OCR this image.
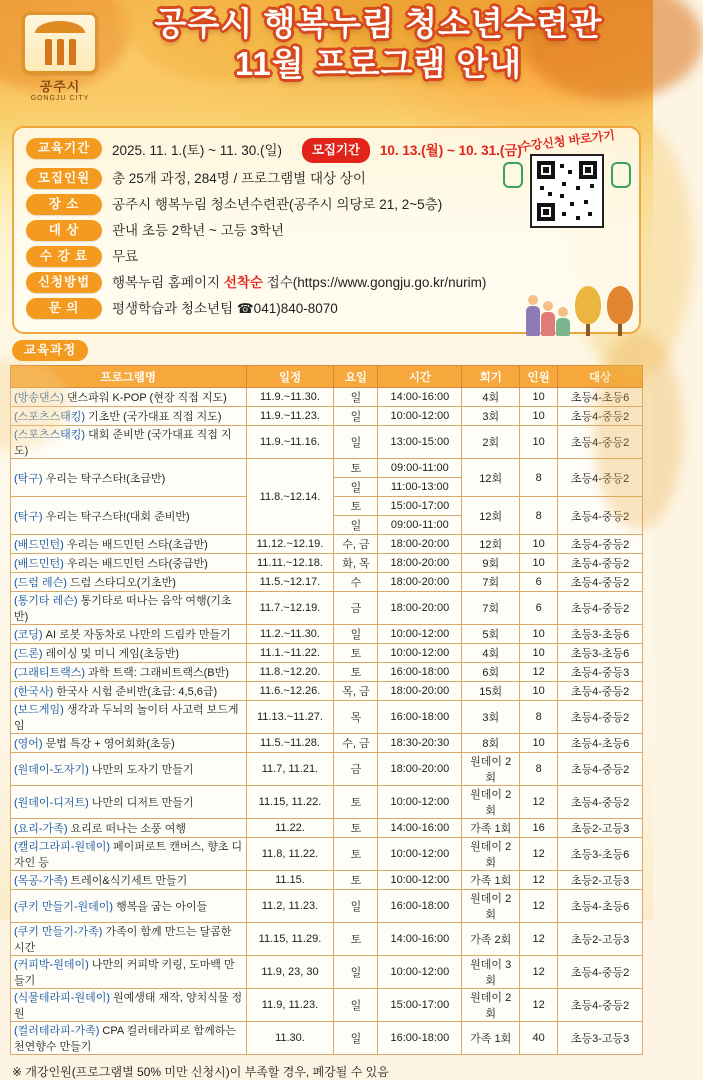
공주시
GONGJU CITY
공주시 행복누림 청소년수련관
11월 프로그램 안내
교육기간	2025. 11. 1.(토) ~ 11. 30.(일) 모집기간 10. 13.(월) ~ 10. 31.(금)
모집인원	총 25개 과정, 284명 / 프로그램별 대상 상이
장 소	공주시 행복누림 청소년수련관(공주시 의당로 21, 2~5층)
대 상	관내 초등 2학년 ~ 고등 3학년
수 강 료	무료
신청방법	행복누림 홈페이지 선착순 접수(https://www.gongju.go.kr/nurim)
문 의	평생학습과 청소년팀 ☎041)840-8070
수강신청 바로가기
교육과정
프로그램명	일정	요일	시간	회기	인원	대상
(방송댄스) 댄스파워 K-POP (현장 직접 지도)	11.9.~11.30.	일	14:00-16:00	4회	10	초등4-초등6
(스포츠스태킹) 기초반 (국가대표 직접 지도)	11.9.~11.23.	일	10:00-12:00	3회	10	초등4-중등2
(스포츠스태킹) 대회 준비반 (국가대표 직접 지도)	11.9.~11.16.	일	13:00-15:00	2회	10	초등4-중등2
(탁구) 우리는 탁구스타!(초급반)	11.8.~12.14.	토	09:00-11:00	12회	8	초등4-중등2
		일	11:00-13:00			
(탁구) 우리는 탁구스타!(대회 준비반)		토	15:00-17:00	12회	8	초등4-중등2
		일	09:00-11:00			
(배드민턴) 우리는 배드민턴 스타(초급반)	11.12.~12.19.	수, 금	18:00-20:00	12회	10	초등4-중등2
(배드민턴) 우리는 배드민턴 스타(중급반)	11.11.~12.18.	화, 목	18:00-20:00	9회	10	초등4-중등2
(드럼 레슨) 드럼 스타디오(기초반)	11.5.~12.17.	수	18:00-20:00	7회	6	초등4-중등2
(통기타 레슨) 통기타로 떠나는 음악 여행(기초반)	11.7.~12.19.	금	18:00-20:00	7회	6	초등4-중등2
(코딩) AI 로봇 자동차로 나만의 드림카 만들기	11.2.~11.30.	일	10:00-12:00	5회	10	초등3-초등6
(드론) 레이싱 및 미니 게임(초등반)	11.1.~11.22.	토	10:00-12:00	4회	10	초등3-초등6
(그래티트랙스) 과학 트랙: 그래비트랙스(B반)	11.8.~12.20.	토	16:00-18:00	6회	12	초등4-중등3
(한국사) 한국사 시험 준비반(초급: 4,5,6급)	11.6.~12.26.	목, 금	18:00-20:00	15회	10	초등4-중등2
(보드게임) 생각과 두뇌의 놀이터 사고력 보드게임	11.13.~11.27.	목	16:00-18:00	3회	8	초등4-중등2
(영어) 문법 특강 + 영어회화(초등)	11.5.~11.28.	수, 금	18:30-20:30	8회	10	초등4-초등6
(원데이-도자기) 나만의 도자기 만들기	11.7, 11.21.	금	18:00-20:00	원데이 2회	8	초등4-중등2
(원데이-디저트) 나만의 디저트 만들기	11.15, 11.22.	토	10:00-12:00	원데이 2회	12	초등4-중등2
(요리-가족) 요리로 떠나는 소풍 여행	11.22.	토	14:00-16:00	가족 1회	16	초등2-고등3
(캘리그라피-원데이) 페이퍼로트 캔버스, 향초 디자인 등	11.8, 11.22.	토	10:00-12:00	원데이 2회	12	초등3-초등6
(목공-가족) 트레이&식기세트 만들기	11.15.	토	10:00-12:00	가족 1회	12	초등2-고등3
(쿠키 만들기-원데이) 행복을 굽는 아이들	11.2, 11.23.	일	16:00-18:00	원데이 2회	12	초등4-초등6
(쿠키 만들기-가족) 가족이 함께 만드는 달콤한 시간	11.15, 11.29.	토	14:00-16:00	가족 2회	12	초등2-고등3
(커피박-원데이) 나만의 커피박 키링, 도마백 만들기	11.9, 23, 30	일	10:00-12:00	원데이 3회	12	초등4-중등2
(식물테라피-원데이) 원예생태 재작, 양치식물 정원	11.9, 11.23.	일	15:00-17:00	원데이 2회	12	초등4-중등2
(컬러테라피-가족) CPA 컬러테라피로 함께하는 천연향수 만들기	11.30.	일	16:00-18:00	가족 1회	40	초등3-고등3
※ 개강인원(프로그램별 50% 미만 신청시)이 부족할 경우, 폐강될 수 있음
